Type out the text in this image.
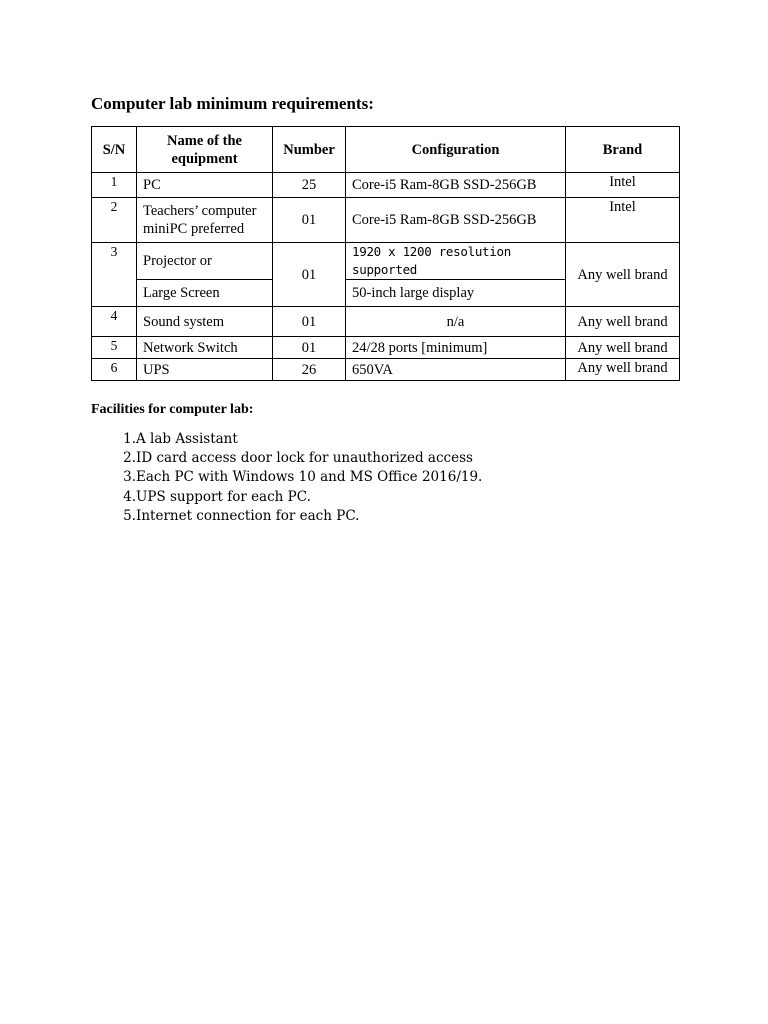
Computer lab minimum requirements:
S/N	Name of the equipment	Number	Configuration	Brand
1	PC	25	Core-i5 Ram-8GB SSD-256GB	Intel
2	Teachers’ computer miniPC preferred	01	Core-i5 Ram-8GB SSD-256GB	Intel
3	Projector or	01	1920 x 1200 resolution supported	Any well brand
	Large Screen		50-inch large display	
4	Sound system	01	n/a	Any well brand
5	Network Switch	01	24/28 ports [minimum]	Any well brand
6	UPS	26	650VA	Any well brand
Facilities for computer lab:
1. A lab Assistant
2. ID card access door lock for unauthorized access
3. Each PC with Windows 10 and MS Office 2016/19.
4. UPS support for each PC.
5. Internet connection for each PC.
